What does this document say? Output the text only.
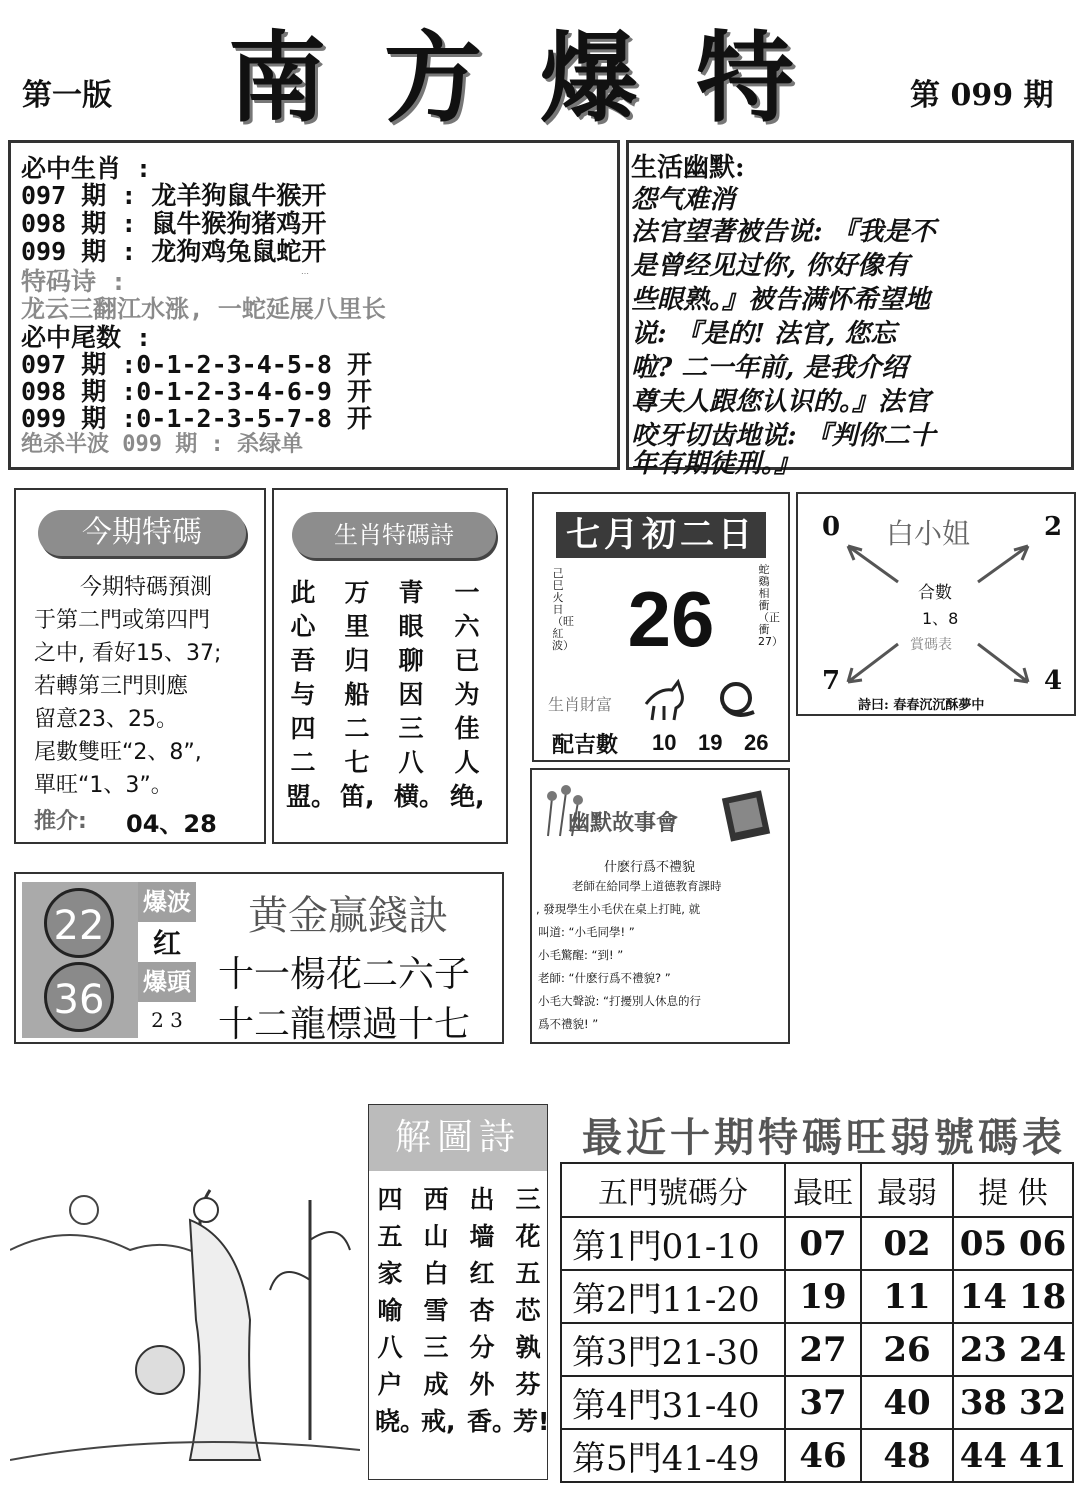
第一版 南方爆特 第 099 期
必中生肖 :
097 期 : 龙羊狗鼠牛猴开
098 期 : 鼠牛猴狗猪鸡开
099 期 : 龙狗鸡兔鼠蛇开
…
特码诗 :
龙云三翻江水涨, 一蛇延展八里长
必中尾数 :
097 期 :0-1-2-3-4-5-8 开
098 期 :0-1-2-3-4-6-9 开
099 期 :0-1-2-3-5-7-8 开
绝杀半波 099 期 : 杀绿单
生活幽默:
怨气难消
法官望著被告说: 『我是不
是曾经见过你, 你好像有
些眼熟。』被告满怀希望地
说: 『是的! 法官, 您忘
啦? 二一年前, 是我介绍
尊夫人跟您认识的。』法官
咬牙切齿地说: 『判你二十
年有期徒刑。』
今期特碼
今期特碼預測
于第二門或第四門
之中, 看好15、37;
若轉第三門則應
留意23、25。
尾數雙旺“2、8”,
單旺“1、3”。
推介: 04、28
生肖特碼詩
一六已为佳人绝,
青眼聊因三八横。
万里归船二七笛,
此心吾与四二盟。
七月初二日
己巳火日（旺紅波）
蛇鷄相衝（正衝27）
26
生肖財富
配吉數 10 19 26
0	2
7	4
白小姐
合數
1、8
賞碼表
詩曰: 春春沉沉酥夢中
幽默故事會
什麽行爲不禮貌
老師在給同學上道德教育課時
, 發現學生小毛伏在桌上打盹, 就
叫道: “小毛同學! ”
小毛驚醒: “到! ”
老師: “什麽行爲不禮貌? ”
小毛大聲說: “打擾別人休息的行
爲不禮貌! ”
22
36
爆波
红
爆頭
2 3
黄金赢錢訣
十一楊花二六子
十二龍標過十七
解圖詩
三花五芯孰芬芳!
出墙红杏分外香。
西山白雪三成戒,
四五家喻八户晓。
最近十期特碼旺弱號碼表
五門號碼分	最旺	最弱	提 供
第1門01-10	07	02	05 06
第2門11-20	19	11	14 18
第3門21-30	27	26	23 24
第4門31-40	37	40	38 32
第5門41-49	46	48	44 41
